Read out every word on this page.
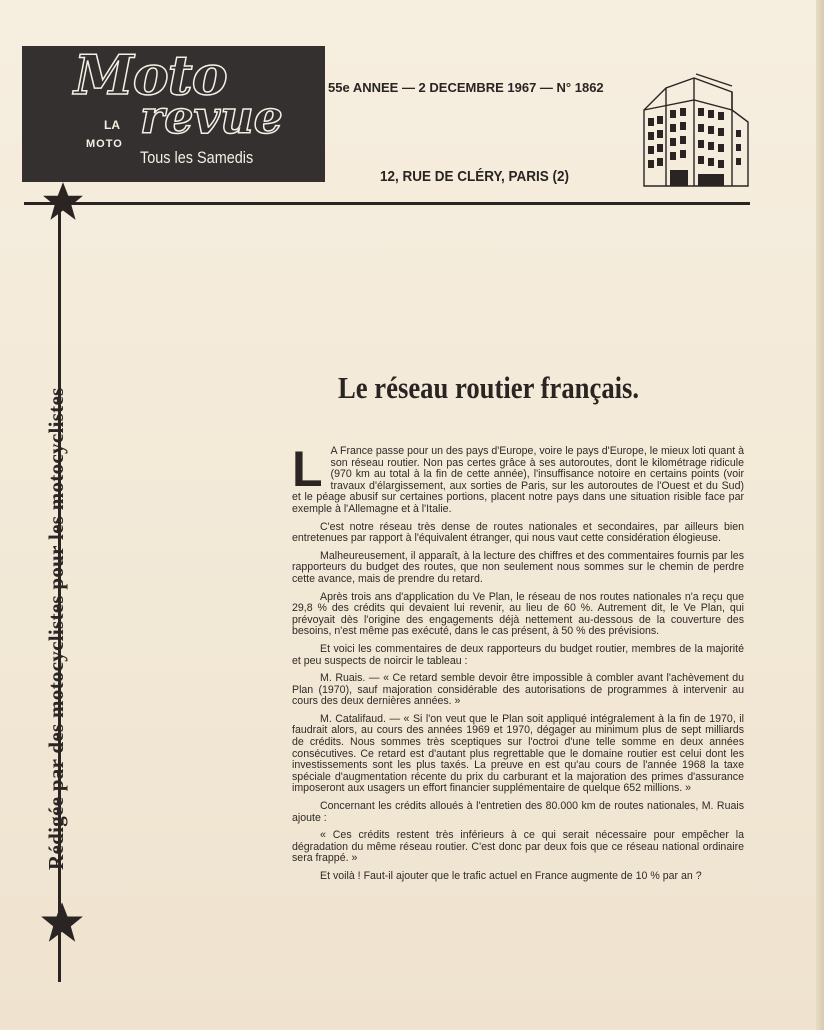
Moto
LA
MOTO revue
Tous les Samedis
55e ANNEE — 2 DECEMBRE 1967 — N° 1862
12, RUE DE CLÉRY, PARIS (2)
Rédigée par des motocyclistes pour les motocyclistes	Le réseau routier français.

L A France passe pour un des pays d'Europe, voire le pays d'Europe, le mieux loti quant à son réseau routier. Non pas certes grâce à ses autoroutes, dont le kilométrage ridicule (970 km au total à la fin de cette année), l'insuffisance notoire en certains points (voir travaux d'élargissement, aux sorties de Paris, sur les autoroutes de l'Ouest et du Sud) et le péage abusif sur certaines portions, placent notre pays dans une situation risible face par exemple à l'Allemagne et à l'Italie.

C'est notre réseau très dense de routes nationales et secondaires, par ailleurs bien entretenues par rapport à l'équivalent étranger, qui nous vaut cette considération élogieuse.

Malheureusement, il apparaît, à la lecture des chiffres et des commentaires fournis par les rapporteurs du budget des routes, que non seulement nous sommes sur le chemin de perdre cette avance, mais de prendre du retard.

Après trois ans d'application du Ve Plan, le réseau de nos routes nationales n'a reçu que 29,8 % des crédits qui devaient lui revenir, au lieu de 60 %. Autrement dit, le Ve Plan, qui prévoyait dès l'origine des engagements déjà nettement au-dessous de la couverture des besoins, n'est même pas exécuté, dans le cas présent, à 50 % des prévisions.

Et voici les commentaires de deux rapporteurs du budget routier, membres de la majorité et peu suspects de noircir le tableau :

M. Ruais. — « Ce retard semble devoir être impossible à combler avant l'achèvement du Plan (1970), sauf majoration considérable des autorisations de programmes à intervenir au cours des deux dernières années. »

M. Catalifaud. — « Si l'on veut que le Plan soit appliqué intégralement à la fin de 1970, il faudrait alors, au cours des années 1969 et 1970, dégager au minimum plus de sept milliards de crédits. Nous sommes très sceptiques sur l'octroi d'une telle somme en deux années consécutives. Ce retard est d'autant plus regrettable que le domaine routier est celui dont les investissements sont les plus taxés. La preuve en est qu'au cours de l'année 1968 la taxe spéciale d'augmentation récente du prix du carburant et la majoration des primes d'assurance imposeront aux usagers un effort financier supplémentaire de quelque 652 millions. »

Concernant les crédits alloués à l'entretien des 80.000 km de routes nationales, M. Ruais ajoute :

« Ces crédits restent très inférieurs à ce qui serait nécessaire pour empêcher la dégradation du même réseau routier. C'est donc par deux fois que ce réseau national ordinaire sera frappé. »

Et voilà ! Faut-il ajouter que le trafic actuel en France augmente de 10 % par an ?
